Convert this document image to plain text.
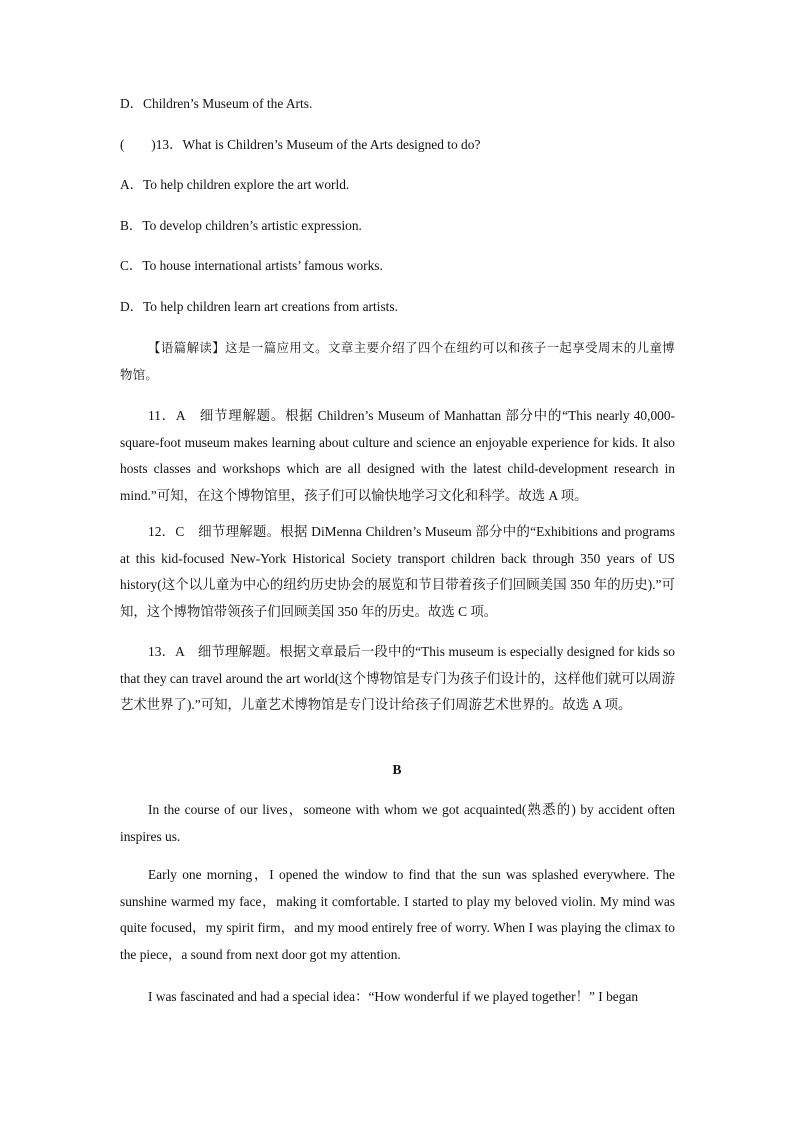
D．Children’s Museum of the Arts.
(　　)13．What is Children’s Museum of the Arts designed to do?
A．To help children explore the art world.
B．To develop children’s artistic expression.
C．To house international artists’ famous works.
D．To help children learn art creations from artists.
【语篇解读】这是一篇应用文。文章主要介绍了四个在纽约可以和孩子一起享受周末的儿童博物馆。
11．A　细节理解题。根据 Children’s Museum of Manhattan 部分中的“This nearly 40,000-square-foot museum makes learning about culture and science an enjoyable experience for kids. It also hosts classes and workshops which are all designed with the latest child-development research in mind.”可知，在这个博物馆里，孩子们可以愉快地学习文化和科学。故选 A 项。
12．C　细节理解题。根据 DiMenna Children’s Museum 部分中的“Exhibitions and programs at this kid-focused New-York Historical Society transport children back through 350 years of US history(这个以儿童为中心的纽约历史协会的展览和节目带着孩子们回顾美国 350 年的历史).”可知，这个博物馆带领孩子们回顾美国 350 年的历史。故选 C 项。
13．A　细节理解题。根据文章最后一段中的“This museum is especially designed for kids so that they can travel around the art world(这个博物馆是专门为孩子们设计的，这样他们就可以周游艺术世界了).”可知，儿童艺术博物馆是专门设计给孩子们周游艺术世界的。故选 A 项。
B
In the course of our lives，someone with whom we got acquainted(熟悉的) by accident often inspires us.
Early one morning，I opened the window to find that the sun was splashed everywhere. The sunshine warmed my face，making it comfortable. I started to play my beloved violin. My mind was quite focused，my spirit firm，and my mood entirely free of worry. When I was playing the climax to the piece，a sound from next door got my attention.
I was fascinated and had a special idea：“How wonderful if we played together！” I began
